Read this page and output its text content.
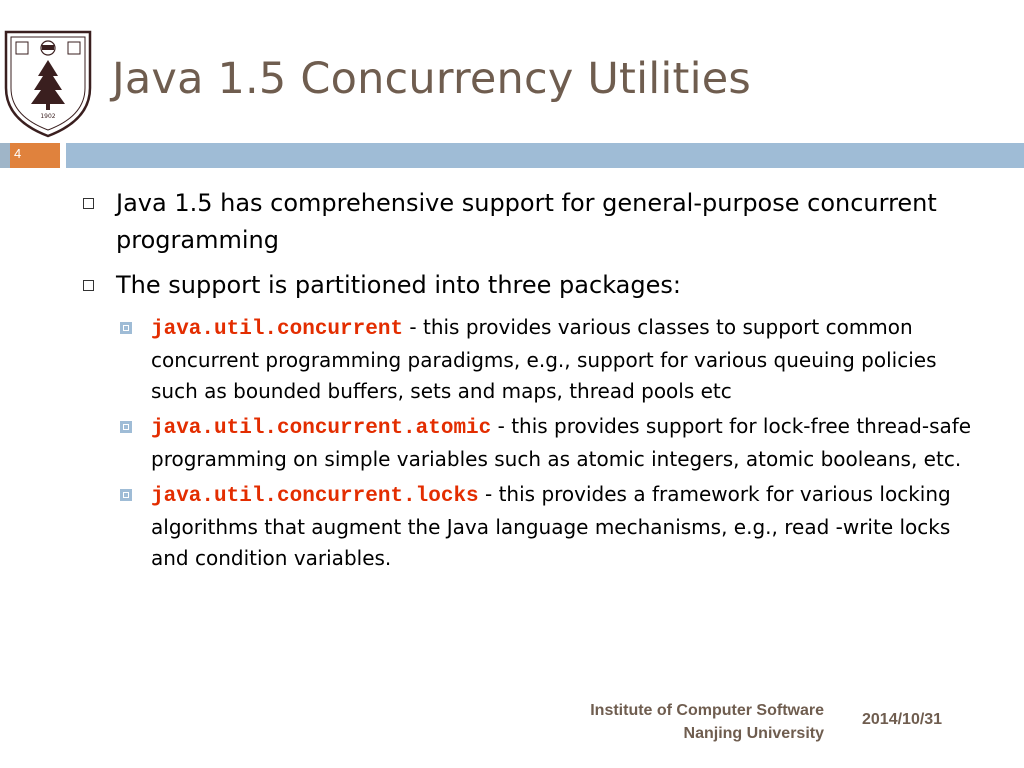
1902
Java 1.5 Concurrency Utilities
4
Java 1.5 has comprehensive support for general-purpose concurrent programming
The support is partitioned into three packages:
java.util.concurrent - this provides various classes to support common concurrent programming paradigms, e.g., support for various queuing policies such as bounded buffers, sets and maps, thread pools etc
java.util.concurrent.atomic - this provides support for lock-free thread-safe programming on simple variables such as atomic integers, atomic booleans, etc.
java.util.concurrent.locks - this provides a framework for various locking algorithms that augment the Java language mechanisms, e.g., read -write locks and condition variables.
Institute of Computer Software
Nanjing University
2014/10/31
